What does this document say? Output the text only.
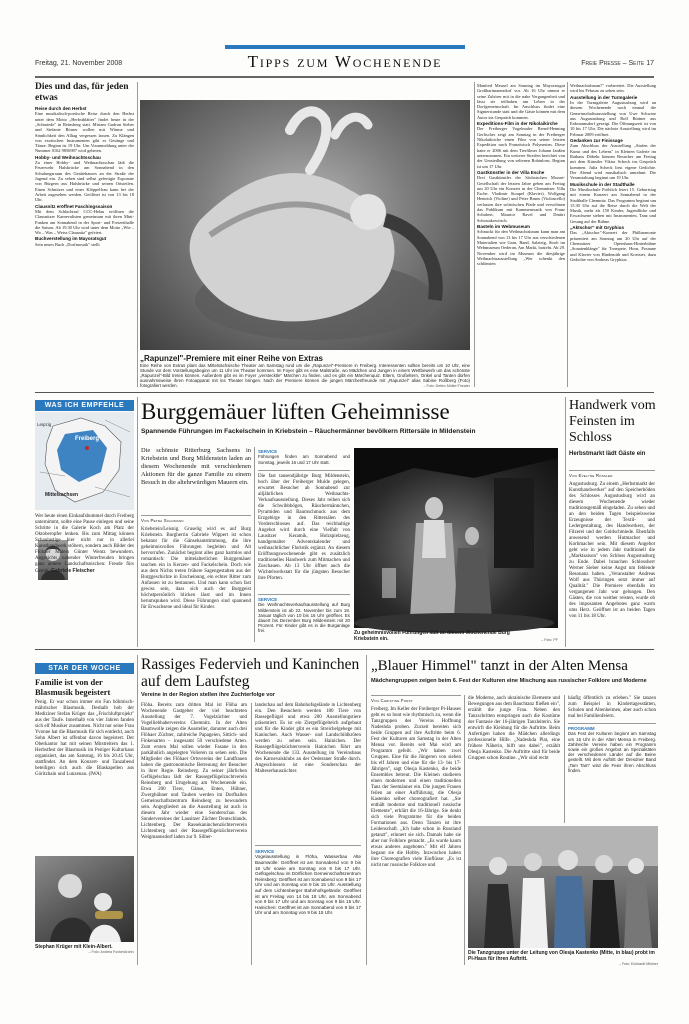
Freitag, 21. November 2008	Tipps zum Wochenende	Freie Presse – Seite 17
Dies und das, für jeden etwas
Reise durch den Herbst

Eine musikalisch-poetische Reise durch den Herbst unter dem Motto „Herbstblätter" findet heute in der „Schmiede" in Reinsberg statt. Miriam Gudrun Sieber und Stefanie Börner wollen mit Wärme und Sinnlichkeit den Alltag vergessen lassen. Zu Klängen von exotischen Instrumenten gibt es Gesänge und Tänze. Beginn ist 19 Uhr. Um Voranmeldung unter der Nummer 0162 9856987 wird gebeten.

Hobby- und Weihnachtsschau

Zu einer Hobby- und Weihnachtsschau lädt die Feuerwehr Halsbrücke am Sonnabend in den Schulungsraum des Gerätehauses an der Straße der Jugend ein. Zu sehen sind selbst gefertigte Exponate von Bürgern aus Halsbrücke und seinen Ortsteilen. Einen Schnitzer und einer Klöppelfrau kann bei der Arbeit zugesehen werden. Geöffnet ist von 13 bis 18 Uhr.

Clausnitz eröffnet Faschingssaison

Mit dem Schlachtruf CCC-Helau eröffnen die Clausnitzer Karnevalisten gemeinsam mit ihren Mini-Funken am Sonnabend in der Sport- und Freizeithalle die Saison. Ab 19.30 Uhr wird unter dem Motto „Wie – Wo – Was – Weiss Clausnitz" gefeiert.

Buchverstellung im Mayoratsgut

Sein neues Buch „Dorfmosaik" stellt

„Rapunzel"-Premiere mit einer Reihe von Extras
Eine Reihe von Extras plant das Mittelsächsische Theater am Samstag rund um die „Rapunzel"-Premiere in Freiberg. Interessenten sollten bereits um 10 Uhr, eine Stunde vor dem Vorstellungsbeginn um 11 Uhr ins Theater kommen. Im Foyer gibt es eine Malstraße, wo Mädchen und Jungen in einem Wettbewerb um das schönste „Rapunzel"-Bild treten können. Außerdem gibt es im Foyer „verstecktle" Märchen zu finden, und es gibt ein Märchenquiz. Eltern, Großeltern, Onkel und Tanten dürfen ausnahmsweise ihren Fotoapparat mit ins Theater bringen. Nach der Premiere können die jungen Märchenfreunde mit „Rapunzel" alias Sabine Roßberg (Foto) fotografiert werden.	– Foto: Detlev Müller/Theater

Manfred Meusel am Sonntag im Mayoratsgut Großhartmannsdorf vor. Ab 16 Uhr nimmt er seine Zuhörer mit in die nahe Vergangenheit und lässt sie teilhaben am Leben in der Dorfgemeinschaft. Im Anschluss findet eine Signierstunde statt und die Gäste können mit dem Autor ins Gespräch kommen.

Expeditions-Film in der Nikolaikirche

Der Freiberger Vogelmaler Bernd-Henning Gerlischer zeigt am Sonntag in der Freiberger Nikolaikirche einen Film von seiner letzten Expedition nach Französisch Polynesien. Diese hatte er 2006 mit dem Tierfilmer Johann Janßen unternommen. Ein weiterer Streifen berichtet von der Umsiedlung von seltenen Robinlons. Beginn ist um 17 Uhr.

Gastkünstler in der Villa Esche

Drei Gastkünstler der Sächsischen Mozart-Gesellschaft der letzten Jahre geben am Freitag um 20 Uhr ein Konzert in der Chemnitzer Villa Esche. Vladimir Stoupel (Klavier), Wolfgang Hentrich (Violine) und Peter Bruns (Violoncello) verlassen ihre solistischen Pfade und verwöhnen das Publikum mit Kammermusik von Franz Schubert, Maurice Ravel und Dmitri Schostakowitsch.

Basteln im Webmuseum

Schnuckt für den Weihnachtsbaum kann man am Sonnabend von 13 bis 17 Uhr aus verschiedenen Materialien wie Garn, Band, Salzteig, Stroh im Webmuseum Oederan, Am Markt, basteln. Ab 29. November wird im Museum die diesjährige Weihnachtsausstellung „Wer schenkt den schlönsten

Weihnachtsbaum?" vorbereitet. Die Ausstellung wird bis Februar zu sehen sein.

Ausstellung in der Turmgalerie

In der Turmgalerie Augustusburg wird an diesem Wochenende noch einmal die Gemeinschaftsausstellung von Uwe Schwarz aus Augustusburg und Rolf Büttner aus Erdmannsdorf gezeigt. Die Öffnungszeit ist von 10 bis 17 Uhr. Die nächste Ausstellung wird im Februar 2009 eröffnet.

Gedanken zur Finissage

Zum Abschluss der Ausstellung „Stufen der Kunst und des Lebens" in Kleinen Galerie im Rathaus Döbeln können Besucher am Freitag mit dem Künstler Viktor Scheck ins Gespräch kommen. Julia Scheck liest eigene Gedichte. Der Abend wird musikalisch umrahmt. Die Veranstaltung beginnt um 19 Uhr.

Musikschule in der Stadthalle

Die Musikschule Fröhlich feiert 15. Geburtstag mit einem Konzert am Sonnabend in der Stadthalle Chemnitz. Das Programm beginnt um 15.30 Uhr auf die Reise durch die Welt der Musik, mehr als 150 Kinder, Jugendliche und Erwachsene stehen mit Instrumenten, Tanz und Gesang auf der Bühne.

„Aktschor" mit Gryphius

Das „Aktschor"-Konzert der Philharmonie präsentiert am Sonntag um 20 Uhr auf der Chemnitzer Opernhaus-Hinterbühne „Sonatenklänge" für Trompete, Horn, Posaune und Klavier von Hindemith und Koetsier, dazu Gedichte von Andreas Gryphius.

WAS ICH EMPFEHLE
Freiberg
Mittelsachsen
Leipzig
Wer heute einen Einkaufsbummel durch Freiberg unternimmt, sollte eine Pause einlegen und seine Schritte in die Galerie Koch am Platz der Oktoberopfer lenken. Bis zum Mittag können Schaulustige hier nicht nur in allerlei Kunsthandwerk stöbern, sondern auch Bilder des Flöhaer Malers Günter Wentz bewundern. Angesichts nahender Winterfreuden bringen ganz andere Landschaftsnischen: Freude fürs Gemüt. Gabriele Fleischer
Burggemäuer lüften Geheimnisse
Spannende Führungen im Fackelschein in Kriebstein – Räuchermänner bevölkern Rittersäle in Mildenstein
Die schönste Ritterburg Sachsens in Kriebstein und Burg Mildenstein laden an diesem Wochenende mit verschiedenen Aktionen für die ganze Familie zu einem Besuch in die altehrwürdigen Mauern ein.
Von Petra Schumann
Kriebstein/Leisnig. Gruselig wird es auf Burg Kriebstein. Burgherrin Gabriele Wippert ist schon bekannt für die Gänsehautstimmung, die ihre geheimnisvollen Führungen begleiten und Alt bervorrufen. Zunächst beginnt alles ganz harmlos und romantisch: Die mittelalterlichen Burggemäuer tauchen ein in Kerzen- und Fackelschein. Doch wie aus dem Nichts treten frühere Sagengestalten aus der Burggeschichte in Erscheinung, ein echter Ritter zum Anfassen ist zu bestaunen. Und man kann schon fast gewiss sein, dass sich auch der Burggeist höchstpersönlich blicken lässt und im Innen herumspuken wird. Diese Führungen sind spannend für Erwachsene und ideal für Kinder.
SERVICE
Führungen finden am Sonnabend und Sonntag, jeweils 16 und 17 Uhr statt.
Die fast tausendjährige Burg Mildenstein, hoch über der Freiberger Mulde gelegen, erwartet Besucher ab Sonnabend zur alljährlichen Weihnachts-Verkaufsausstellung. Dieses Jahr reihen sich die Schwibbbögen, Räuchermännchen, Pyramiden und Baumschmuck aus dem Erzgebirge in den Rittersälen des Vorderschlosses auf. Das reichhaltige Angebot wird durch eine Vielfalt von Lausitzer Keramik, Holzspielzeug, handgemalter Adventskalender und weihnachtlicher Floristik ergänzt. An diesem Eröffnungswochenende gibt es zusätzlich traditionelles Handwerk zum Mitmachen und Zuschauen. Ab 13 Uhr öffnet auch die Wichtelwerkstatt für die jüngsten Besucher ihre Pforten.
SERVICE
Die Weihnachtsverkaufsausstellung auf Burg Mildenstein ist ab 22. November bis zum 18. Januar täglich von 10 bis 16 Uhr geöffnet. Es dauert bis Dezember Burg Mildenstein mit 20 Prozent. Für Kinder gibt es in die Burganlage frei.	Zu geheimnisvollen Führungen lädt an diesem Wochenende Burg Kriebstein ein.	– Foto: PF
Handwerk vom Feinsten im Schloss
Herbstmarkt lädt Gäste ein
Von Evelyne Rössler
Augustusburg. Zu einem „Herbstmarkt der Kunsthandwerker" auf den Speicherböden des Schlosses Augustusburg wird an diesem Wochenende wieder traditionsgemäß eingeladen. Zu sehen und an den beiden Tagen beispielsweise Erzeugnisse der Textil- und Ledergestaltung, des Handwerkers, der Filzerei und der Goldschmiede. Ebenfalls anwesend werden Hutmacher und Korbmacher sein. Mit diesem Angebot geht wie in jedem Jahr traditionell die „Marktsaison" von Schloss Augustusburg zu Ende. Dabei brauchen Schlossherr Werner Sieber keine Angst um fehlende Resonanz haben. „Veranstalter Andreas Wolf aus Thüringen setzt immer auf Qualität." Die Premiere ebenfalls im vergangenen Jahr war gelungen. Den Gästen, die von weither reisten, wurde ob des imposanten Angebotes ganz warm ums Herz. Geöffnet ist an beiden Tagen von 11 bis 18 Uhr.
STAR DER WOCHE
Familie ist von der Blasmusik begeistert
Penig. Er war schon immer ein Fan böhmisch-mährischer Blasmusik. Deshalb hob der Mediziner Stefan Krüger das „Frischluftprojekt" aus der Taufe. Innerhalb von vier Jahren fanden sich elf Musiker zusammen. Nicht nur seine Frau Yvonne hat die Blasmusik für sich entdeckt, auch Sohn Albert ist offenbar davon begeistert. Der Oberkantor hat mit seinen Mitstreitern das 1. Herbstfest der Blasmusik im Peniger Kulturhaus organisiert, das am Samstag, 16 bis 20.45 Uhr, stattfindet. An dem Konzert- und Tanzabend beteiligen sich auch die Blaskapellen aus Göritzhain und Lunzenau. (IWA)
Stephan Krüger mit Klein-Albert.
– Foto: Andrea Funke/Archiv
Rassiges Federvieh und Kaninchen auf dem Laufsteg
Vereine in der Region stellen ihre Zuchterfolge vor
Flöha. Bereits zum dritten Mal ist Flöha am Wochenende Gastgeber der viel beachteten Ausstellung der 7. Vogelzüchter und Vogelliebhabervereins Chemnitz. In der Alten Baumwolle zeigen die Aussteller, darunter auch drei Flöhaer Züchter, zahlreiche Papageien, Sittich- und Finkenarten – insgesamt 50 verschiedene Arten. Zum ersten Mal sollen wieder Fasane in den parkähnlich angelegten Volieren zu sehen sein. Die Mitglieder des Flöhaer Ortsvereins der Landfrauen haben die gastronomische Betreuung der Besucher in ihrer Regie. Reinsberg. Zu seiner jährlichen Geflügelschau lädt der Rassegeflügelzuchtverein Reinsberg und Umgebung am Wochenende ein. Etwa 200 Tiere, Gänse, Enten, Hühner, Zwerghühner und Tauben werden im Dorfhallen Gemeinschaftszentrum Reinsberg zu bewundern sein. Angegliedert an die Ausstellung ist auch in diesem Jahr wieder eine Sonderschau des Sondervereines der Lausitzer Züchter Deutschlands. Lichtenberg. Der Rassekaninchenzüchterverein Lichtenberg und der Rassegeflügelzüchterverein Weigmannsdorf laden zur 9. Silber-
landschau auf dem Bahnhofsgelände in Lichtenberg ein. Den Besuchern werden 180 Tiere von Rassegeflügel und etwa 200 Ausstellungstiere präsentiert. Es ist ein Ziergeflügelteich aufgebaut und für die Kinder gibt es ein Streichelgehege mit Kaninchen. Auch Wasser- und Landschildkröten werden zu sehen sein. Hainichen. Der Rassegeflügelzüchterverein Hainichen führt am Wochenende die 133. Ausstellung im Vereinsbaus des Karnevalsklubs an der Oederaner Straße durch. Angeschlossen ist eine Sonderschau der Malteserhauszüchter.
SERVICE
Vogelausstellung in Flöha, Wasserbau Alte Baumwolle: Geöffnet ist am Sonnabend von 9 bis 18 Uhr sowie am Sonntag von 9 bis 17 Uhr. Geflügelschau im Dörflichen Gemeinschaftszentrum Reinsberg: Geöffnet ist am Sonnabend von 9 bis 17 Uhr und am Sonntag von 9 bis 15 Uhr. Ausstellung auf dem Lichtenberger Bahnhofsgelände: Geöffnet ist am Freitag von 14 bis 18 Uhr, am Sonnabend von 9 bis 17 Uhr und am Sonntag von 9 bis 15 Uhr. Hainichen: Geöffnet ist am Sonnabend von 9 bis 17 Uhr und am Sonntag von 9 bis 15 Uhr.
„Blauer Himmel" tanzt in der Alten Mensa
Mädchengruppen zeigen beim 6. Fest der Kulturen eine Mischung aus russischer Folklore und Moderne
Von Christine Forst
Freiberg. Im Keller der Freiberger Pi-Hauses geht es so bunt wie rhythmisch zu, wenn die Tanzgruppen des Vereins Hoffnung Nadeshda proben. Zurzeit bereiten sich beide Gruppen auf ihre Auftritte beim 6. Fest der Kulturen am Samstag in der Alten Mensa vor. Bereits seit Mai wird am Programm gefeilt. „Wir haben zwei Gruppen. Eine für die Jüngeren von sieben bis elf Jahren und eine für die 13- bis 17-Jährigen", sagt Olesja Kastenko, die beide Ensembles betreut. Die Kleinen studieren einen modernen und einen traditionellen Tanz der Seemänner ein. Die jungen Frauen feilen an einer Aufführung, die Olesja Kastenko selber choreografiert hat. „Sie enthält moderne und traditionell russische Elemente", erklärt die 16-Jährige. Sie denkt sich viele Programme für die beiden Formationen aus. Denn Tanzen ist ihre Leidenschaft. „Ich habe schon in Russland getanzt", erinnert sie sich. Damals habe sie aber nur Folklore gemacht. „Es wurde kaum etwas anderes angeboten." Mit elf Jahren begann sie die Hobby. Inzwischen haben ihre Choreografien viele Einflüsse: „Es ist nicht nur russische Folklore und
die Moderne, auch ukrainische Elemente und Bewegungen aus dem Bauchtanz fließen ein", erzählt die junge Frau. Neben den Tanzschritten entspringen auch die Kostüme der Fantasie der 16-jährigen Tanzleiterin. Sie entwirft die Kleidung für die Auftritte. Beim Anfertigen haben die Mädchen allerdings professionelle Hilfe. „Nadeshda Plat, eine frühere Näherin, hilft uns dabei", erzählt Olesja Kastenko. Die Auftritte sind für beide Gruppen schon Routine. „Wir sind recht
häufig öffentlich zu erleben." Sie tanzen zum Beispiel in Kindertagesstätten, Schulen und Altenheimen, aber auch schon mal bei Familienfeiern.
PROGRAMM
Das Fest der Kulturen beginnt am Samstag um 15 Uhr in der Alten Mensa in Freiberg. Zahlreiche Vereine haben ein Programm sowie ein großes Angebot an Spezialitäten der verschiedenen Länder auf die Beine gestellt. Mit dem Auftritt der Dresdner Band „Tam Tam" wird die Feier ihren Abschluss finden.
Die Tanzgruppe unter der Leitung von Olesja Kastenko (Mitte, in blau) probt im Pi-Haus für ihren Auftritt.
– Foto: Eckhardt Mildner
